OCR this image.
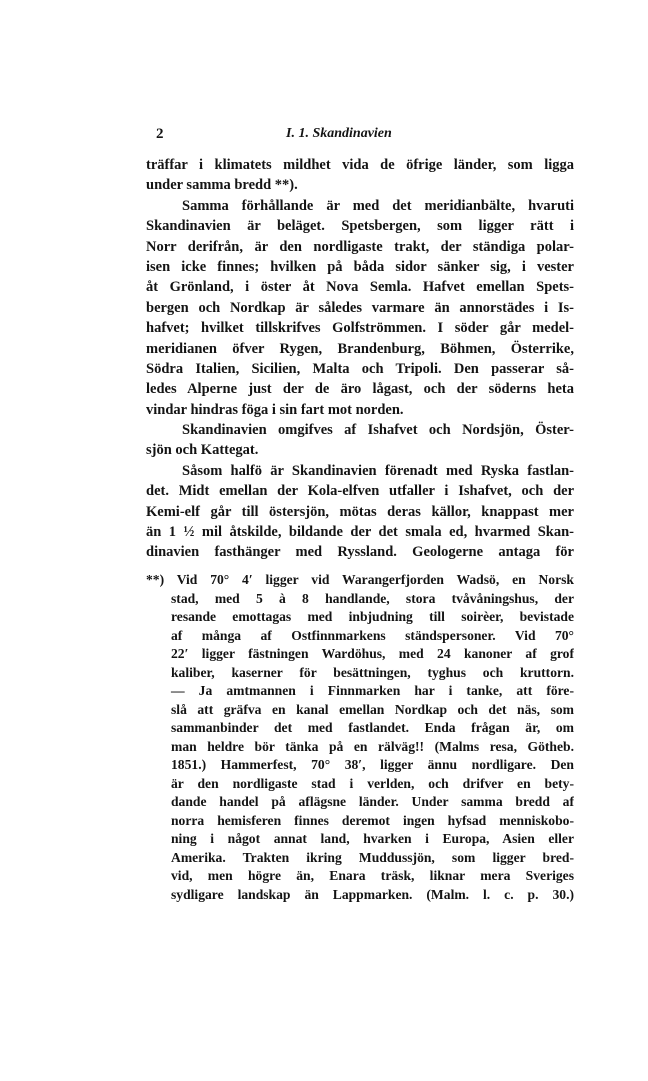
2	I. 1. Skandinavien
träffar i klimatets mildhet vida de öfrige länder, som ligga
under samma bredd **).
Samma förhållande är med det meridianbälte, hvaruti
Skandinavien är beläget. Spetsbergen, som ligger rätt i
Norr derifrån, är den nordligaste trakt, der ständiga polar-
isen icke finnes; hvilken på båda sidor sänker sig, i vester
åt Grönland, i öster åt Nova Semla. Hafvet emellan Spets-
bergen och Nordkap är således varmare än annorstädes i Is-
hafvet; hvilket tillskrifves Golfströmmen. I söder går medel-
meridianen öfver Rygen, Brandenburg, Böhmen, Österrike,
Södra Italien, Sicilien, Malta och Tripoli. Den passerar så-
ledes Alperne just der de äro lågast, och der söderns heta
vindar hindras föga i sin fart mot norden.
Skandinavien omgifves af Ishafvet och Nordsjön, Öster-
sjön och Kattegat.
Såsom halfö är Skandinavien förenadt med Ryska fastlan-
det. Midt emellan der Kola-elfven utfaller i Ishafvet, och der
Kemi-elf går till östersjön, mötas deras källor, knappast mer
än 1 ½ mil åtskilde, bildande der det smala ed, hvarmed Skan-
dinavien fasthänger med Ryssland. Geologerne antaga för
**) Vid 70° 4′ ligger vid Warangerfjorden Wadsö, en Norsk
stad, med 5 à 8 handlande, stora tvåvåningshus, der
resande emottagas med inbjudning till soirèer, bevistade
af många af Ostfinnmarkens ständspersoner. Vid 70°
22′ ligger fästningen Wardöhus, med 24 kanoner af grof
kaliber, kaserner för besättningen, tyghus och kruttorn.
— Ja amtmannen i Finnmarken har i tanke, att före-
slå att gräfva en kanal emellan Nordkap och det näs, som
sammanbinder det med fastlandet. Enda frågan är, om
man heldre bör tänka på en rälväg!! (Malms resa, Götheb.
1851.) Hammerfest, 70° 38′, ligger ännu nordligare. Den
är den nordligaste stad i verlden, och drifver en bety-
dande handel på aflägsne länder. Under samma bredd af
norra hemisferen finnes deremot ingen hyfsad menniskobo-
ning i något annat land, hvarken i Europa, Asien eller
Amerika. Trakten ikring Muddussjön, som ligger bred-
vid, men högre än, Enara träsk, liknar mera Sveriges
sydligare landskap än Lappmarken. (Malm. l. c. p. 30.)
